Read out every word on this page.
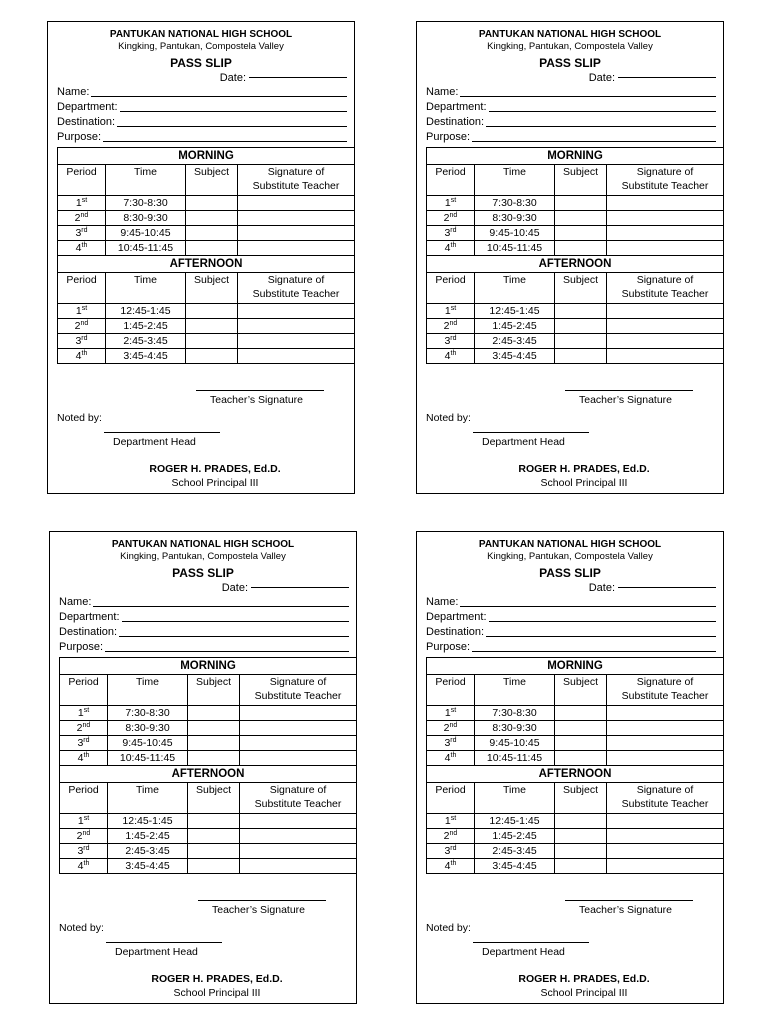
PANTUKAN NATIONAL HIGH SCHOOL
Kingking, Pantukan, Compostela Valley
PASS SLIP
Date:
Name:
Department:
Destination:
Purpose:
MORNING			
Period	Time	Subject	Signature of
Substitute Teacher
1st	7:30-8:30		
2nd	8:30-9:30		
3rd	9:45-10:45		
4th	10:45-11:45		
AFTERNOON			
Period	Time	Subject	Signature of
Substitute Teacher
1st	12:45-1:45		
2nd	1:45-2:45		
3rd	2:45-3:45		
4th	3:45-4:45		
Teacher’s Signature
Noted by:
Department Head
ROGER H. PRADES, Ed.D.
School Principal III
PANTUKAN NATIONAL HIGH SCHOOL
Kingking, Pantukan, Compostela Valley
PASS SLIP
Date:
Name:
Department:
Destination:
Purpose:
MORNING			
Period	Time	Subject	Signature of
Substitute Teacher
1st	7:30-8:30		
2nd	8:30-9:30		
3rd	9:45-10:45		
4th	10:45-11:45		
AFTERNOON			
Period	Time	Subject	Signature of
Substitute Teacher
1st	12:45-1:45		
2nd	1:45-2:45		
3rd	2:45-3:45		
4th	3:45-4:45		
Teacher’s Signature
Noted by:
Department Head
ROGER H. PRADES, Ed.D.
School Principal III
PANTUKAN NATIONAL HIGH SCHOOL
Kingking, Pantukan, Compostela Valley
PASS SLIP
Date:
Name:
Department:
Destination:
Purpose:
MORNING			
Period	Time	Subject	Signature of
Substitute Teacher
1st	7:30-8:30		
2nd	8:30-9:30		
3rd	9:45-10:45		
4th	10:45-11:45		
AFTERNOON			
Period	Time	Subject	Signature of
Substitute Teacher
1st	12:45-1:45		
2nd	1:45-2:45		
3rd	2:45-3:45		
4th	3:45-4:45		
Teacher’s Signature
Noted by:
Department Head
ROGER H. PRADES, Ed.D.
School Principal III
PANTUKAN NATIONAL HIGH SCHOOL
Kingking, Pantukan, Compostela Valley
PASS SLIP
Date:
Name:
Department:
Destination:
Purpose:
MORNING			
Period	Time	Subject	Signature of
Substitute Teacher
1st	7:30-8:30		
2nd	8:30-9:30		
3rd	9:45-10:45		
4th	10:45-11:45		
AFTERNOON			
Period	Time	Subject	Signature of
Substitute Teacher
1st	12:45-1:45		
2nd	1:45-2:45		
3rd	2:45-3:45		
4th	3:45-4:45		
Teacher’s Signature
Noted by:
Department Head
ROGER H. PRADES, Ed.D.
School Principal III
